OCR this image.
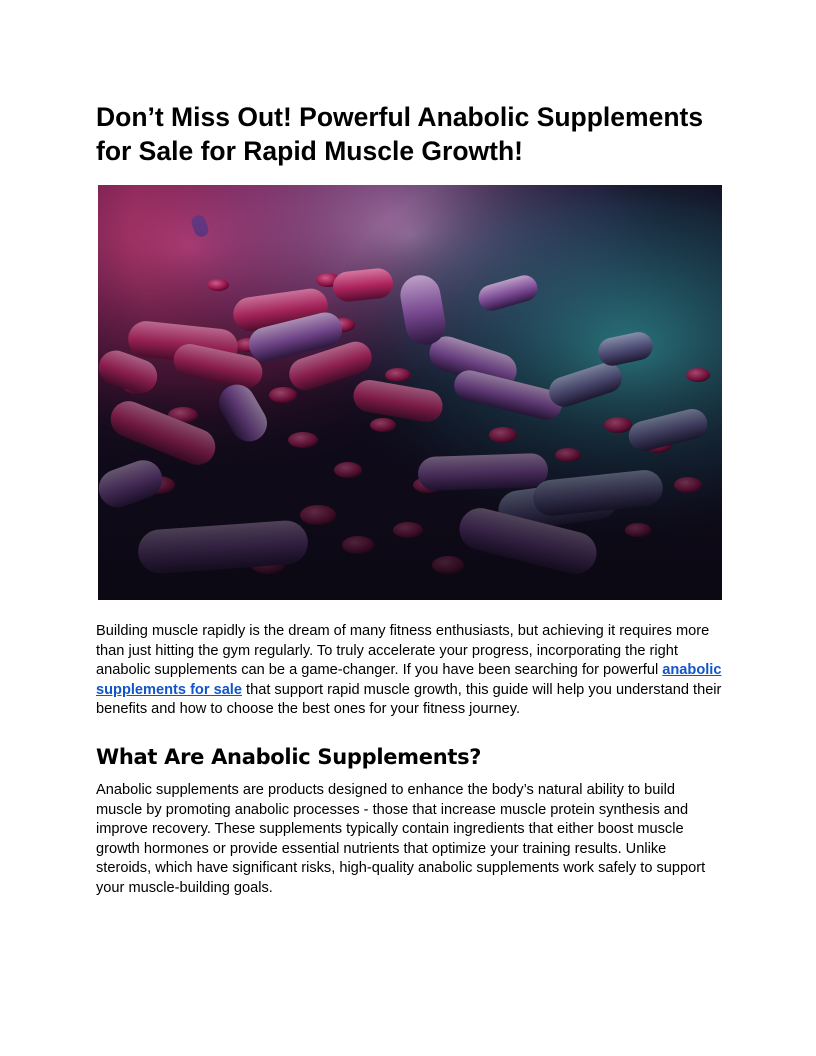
Don’t Miss Out! Powerful Anabolic Supplements for Sale for Rapid Muscle Growth!

Building muscle rapidly is the dream of many fitness enthusiasts, but achieving it requires more than just hitting the gym regularly. To truly accelerate your progress, incorporating the right anabolic supplements can be a game-changer. If you have been searching for powerful anabolic supplements for sale that support rapid muscle growth, this guide will help you understand their benefits and how to choose the best ones for your fitness journey.

What Are Anabolic Supplements?

Anabolic supplements are products designed to enhance the body’s natural ability to build muscle by promoting anabolic processes - those that increase muscle protein synthesis and improve recovery. These supplements typically contain ingredients that either boost muscle growth hormones or provide essential nutrients that optimize your training results. Unlike steroids, which have significant risks, high-quality anabolic supplements work safely to support your muscle-building goals.
